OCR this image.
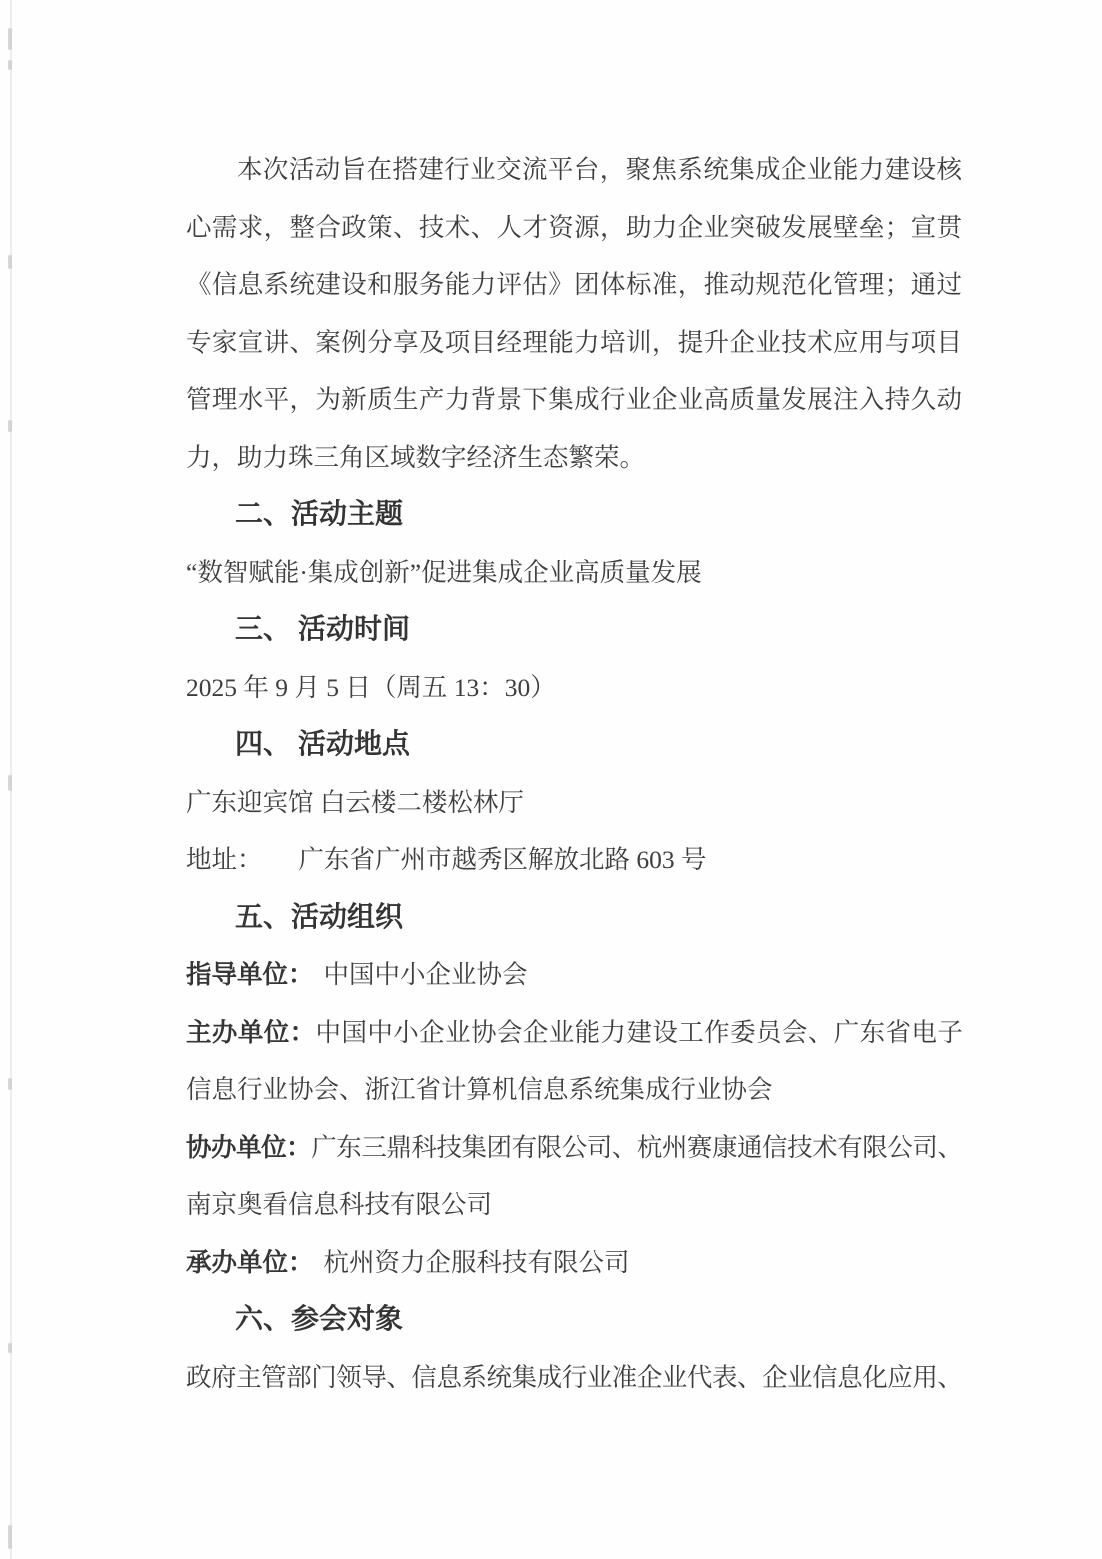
本次活动旨在搭建行业交流平台，聚焦系统集成企业能力建设核
心需求，整合政策、技术、人才资源，助力企业突破发展壁垒；宣贯
《信息系统建设和服务能力评估》团体标准，推动规范化管理；通过
专家宣讲、案例分享及项目经理能力培训，提升企业技术应用与项目
管理水平，为新质生产力背景下集成行业企业高质量发展注入持久动
力，助力珠三角区域数字经济生态繁荣。
二、活动主题
“数智赋能·集成创新”促进集成企业高质量发展
三、 活动时间
2025 年 9 月 5 日（周五 13：30）
四、 活动地点
广东迎宾馆 白云楼二楼松林厅
地址： 广东省广州市越秀区解放北路 603 号
五、活动组织
指导单位： 中国中小企业协会
主办单位：中国中小企业协会企业能力建设工作委员会、广东省电子
信息行业协会、浙江省计算机信息系统集成行业协会
协办单位：广东三鼎科技集团有限公司、杭州赛康通信技术有限公司、
南京奥看信息科技有限公司
承办单位： 杭州资力企服科技有限公司
六、参会对象
政府主管部门领导、信息系统集成行业准企业代表、企业信息化应用、
